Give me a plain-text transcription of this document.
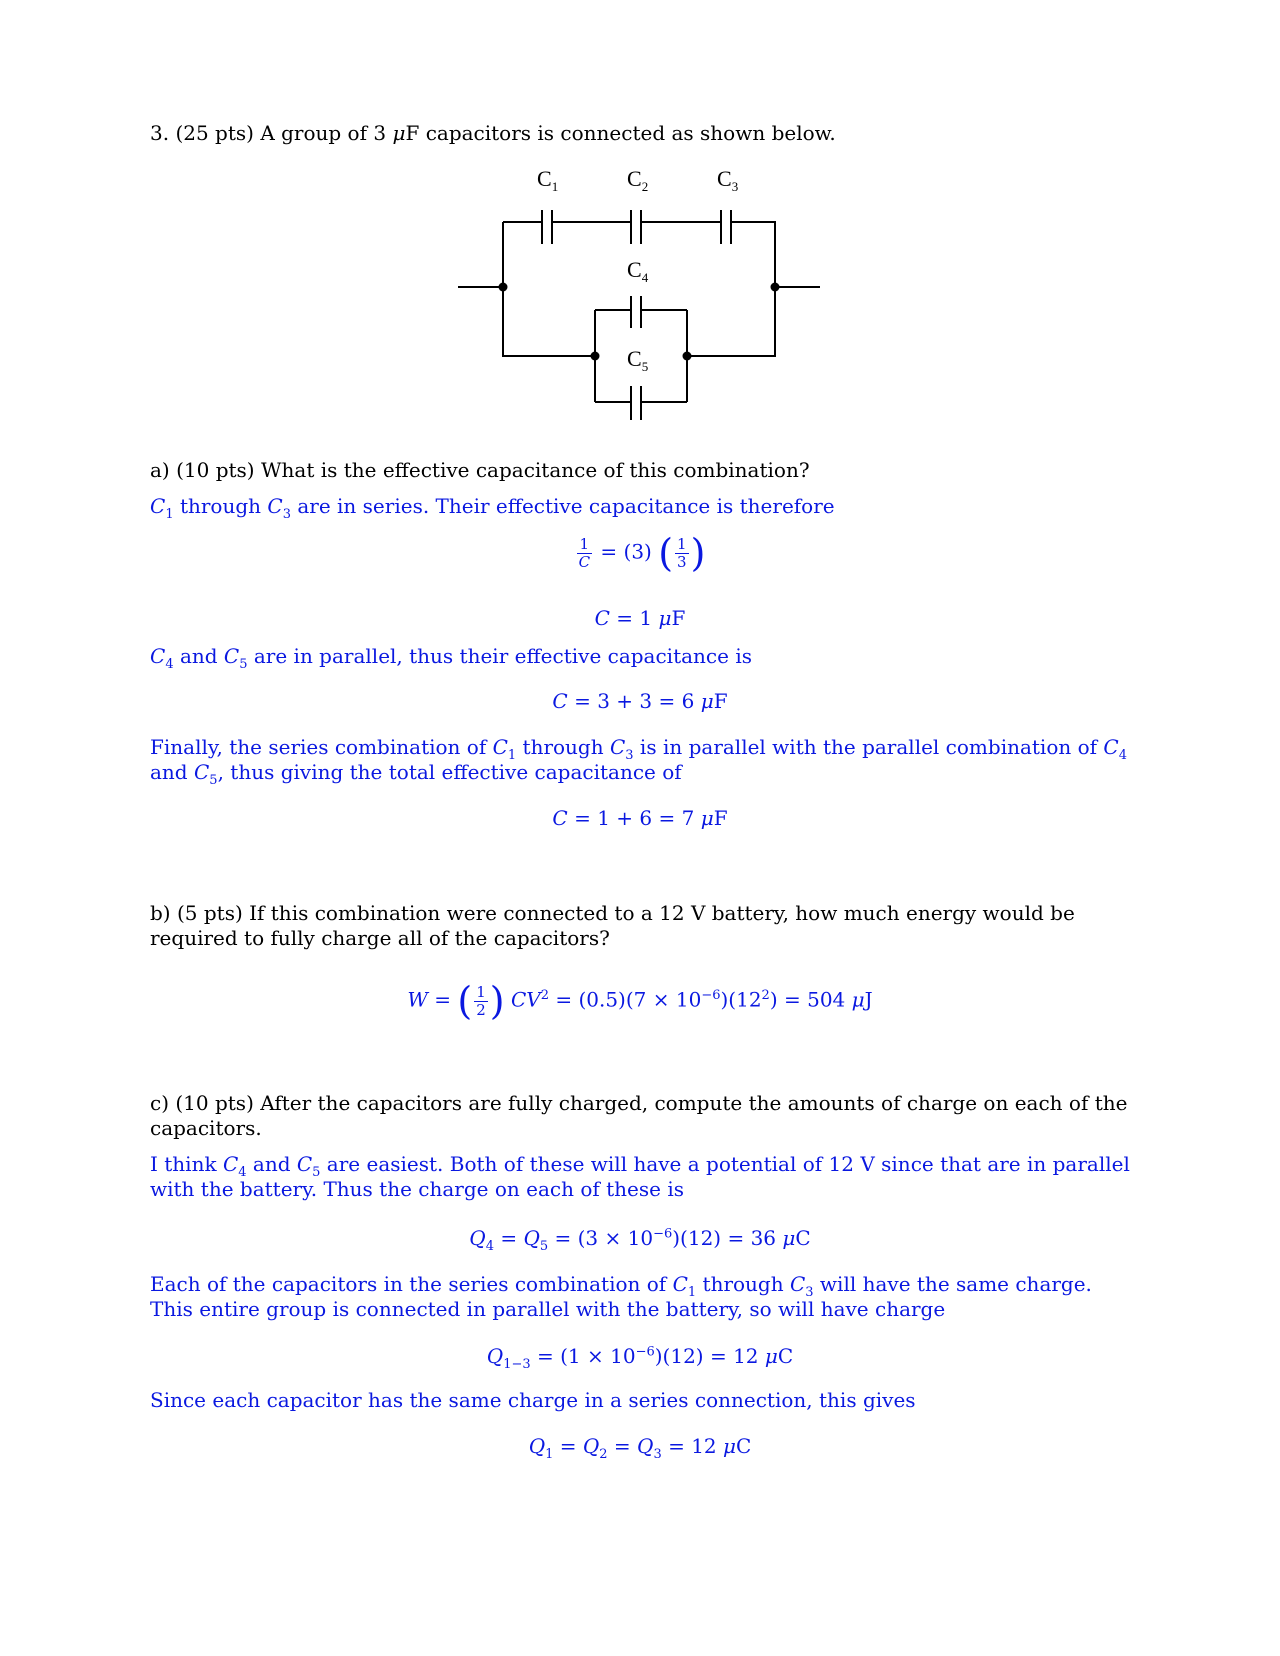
3. (25 pts) A group of 3 μF capacitors is connected as shown below.

$C_1$	$C_2$	$C_3$
$C_4$
$C_5$

a) (10 pts) What is the effective capacitance of this combination?

$C_1$ through $C_3$ are in series. Their effective capacitance is therefore

$\frac{1}{C} = (3)$ ( $\frac{1}{3}$ )
C = 1 μF

$C_4$ and $C_5$ are in parallel, thus their effective capacitance is

C = 3 + 3 = 6 μF

Finally, the series combination of $C_1$ through $C_3$ is in parallel with the parallel combination of $C_4$ and $C_5$, thus giving the total effective capacitance of

C = 1 + 6 = 7 μF

b) (5 pts) If this combination were connected to a 12 V battery, how much energy would be required to fully charge all of the capacitors?

W = ( $\frac{1}{2}$ ) $CV^2 = (0.5)(7 \times 10^{-6})(12^2) = 504$ μJ

c) (10 pts) After the capacitors are fully charged, compute the amounts of charge on each of the capacitors.

I think $C_4$ and $C_5$ are easiest. Both of these will have a potential of 12 V since that are in parallel with the battery. Thus the charge on each of these is

$Q_4 = Q_5 = (3 \times 10^{-6})(12) = 36$ μC

Each of the capacitors in the series combination of $C_1$ through $C_3$ will have the same charge. This entire group is connected in parallel with the battery, so will have charge

$Q_{1-3} = (1 \times 10^{-6})(12) = 12$ μC

Since each capacitor has the same charge in a series connection, this gives

$Q_1 = Q_2 = Q_3 = 12$ μC
